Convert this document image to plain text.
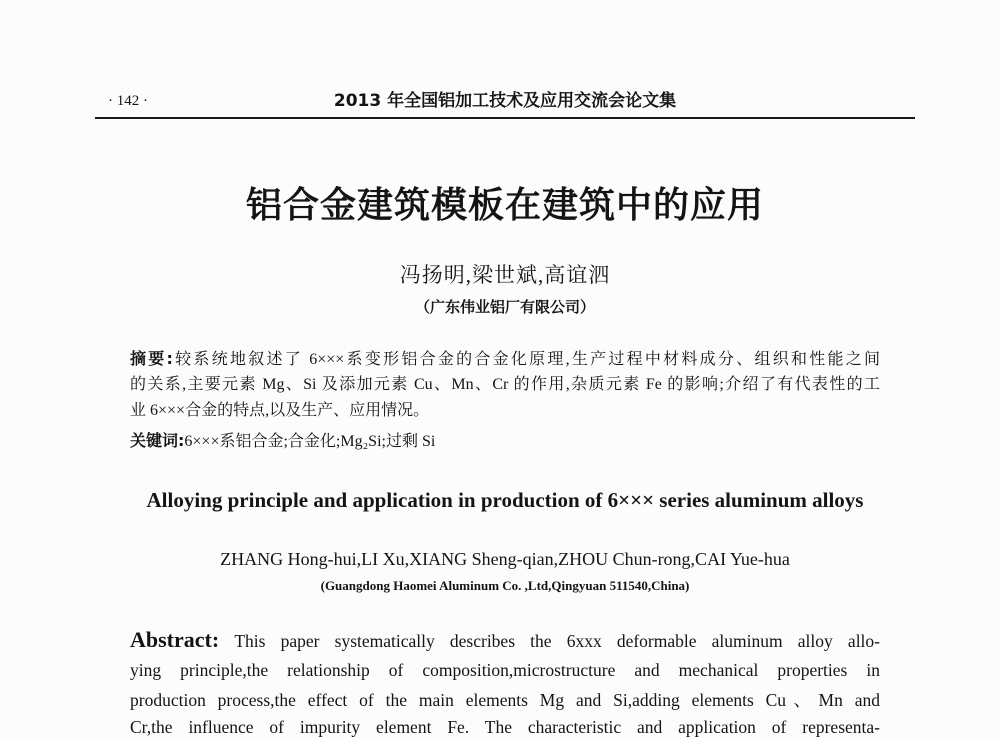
· 142 ·	2013 年全国铝加工技术及应用交流会论文集
铝合金建筑模板在建筑中的应用
冯扬明,梁世斌,高谊泗
（广东伟业铝厂有限公司）
摘要:较系统地叙述了 6×××系变形铝合金的合金化原理,生产过程中材料成分、组织和性能之间
的关系,主要元素 Mg、Si 及添加元素 Cu、Mn、Cr 的作用,杂质元素 Fe 的影响;介绍了有代表性的工
业 6×××合金的特点,以及生产、应用情况。
关键词:6×××系铝合金;合金化;Mg₂Si;过剩 Si
Alloying principle and application in production of 6××× series aluminum alloys
ZHANG Hong-hui,LI Xu,XIANG Sheng-qian,ZHOU Chun-rong,CAI Yue-hua
(Guangdong Haomei Aluminum Co. ,Ltd,Qingyuan 511540,China)
Abstract: This paper systematically describes the 6xxx deformable aluminum alloy allo-
ying principle,the relationship of composition,microstructure and mechanical properties in
production process,the effect of the main elements Mg and Si,adding elements Cu、Mn and
Cr,the influence of impurity element Fe. The characteristic and application of representa-
